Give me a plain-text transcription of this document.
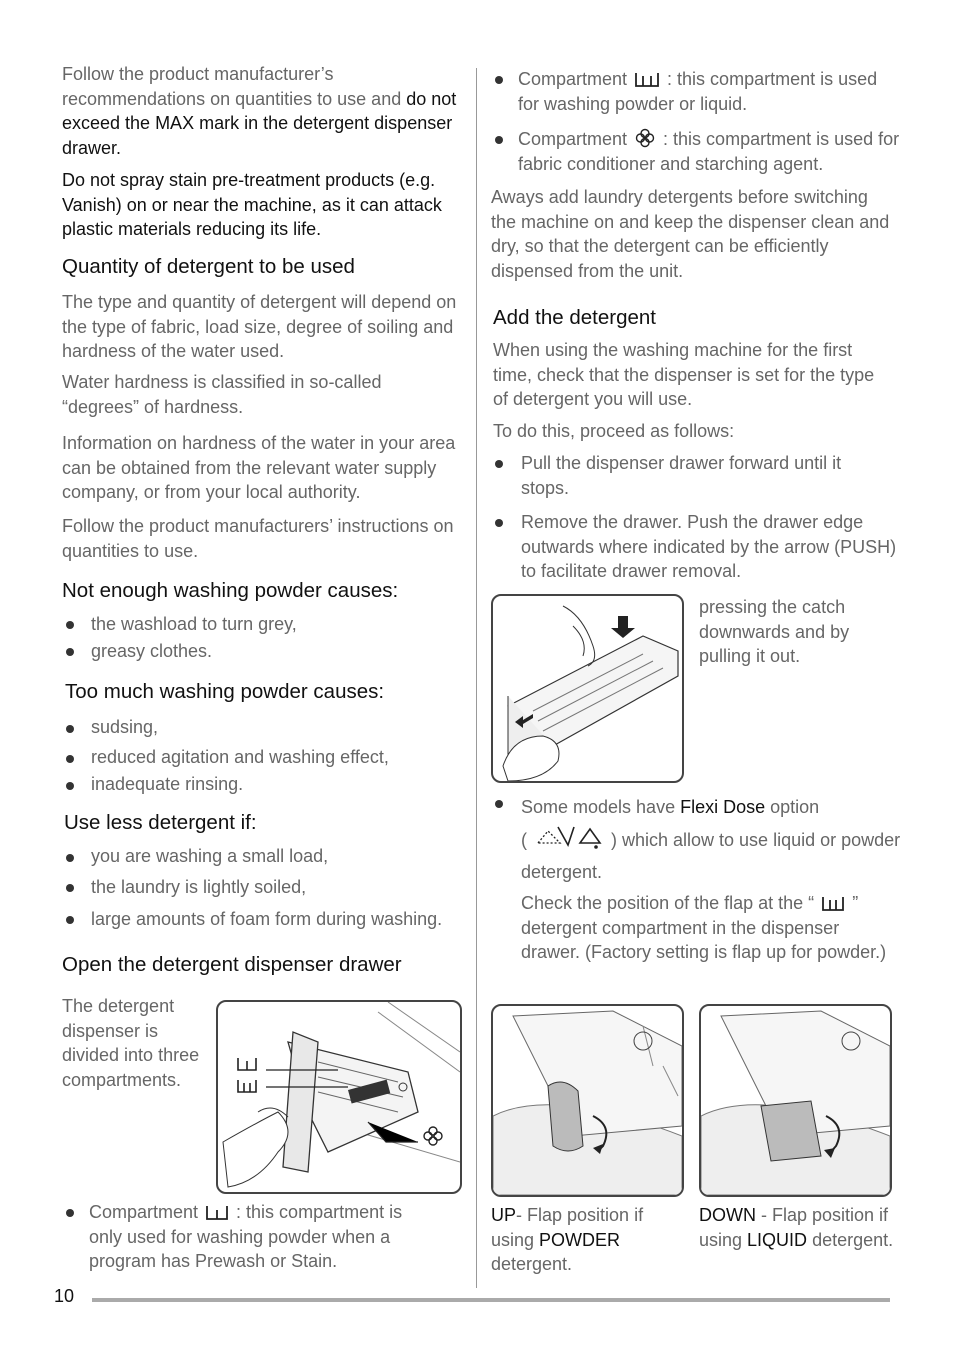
Follow the product manufacturer’s recommendations on quantities to use and do not exceed the MAX mark in the detergent dispenser drawer.

Do not spray stain pre-treatment products (e.g. Vanish) on or near the machine, as it can attack plastic materials reducing its life.

Quantity of detergent to be used

The type and quantity of detergent will depend on the type of fabric, load size, degree of soiling and hardness of the water used.

Water hardness is classified in so-called “degrees” of hardness.

Information on hardness of the water in your area can be obtained from the relevant water supply company, or from your local authority.

Follow the product manufacturers’ instructions on quantities to use.

Not enough washing powder causes:
the washload to turn grey,
greasy clothes.
Too much washing powder causes:
sudsing,
reduced agitation and washing effect,
inadequate rinsing.
Use less detergent if:
you are washing a small load,
the laundry is lightly soiled,
large amounts of foam form during washing.
Open the detergent dispenser drawer

The detergent dispenser is divided into three compartments.

Compartment  : this compartment is only used for washing powder when a program has Prewash or Stain.

Compartment  : this compartment is used for washing powder or liquid.

Compartment  : this compartment is used for fabric conditioner and starching agent.

Aways add laundry detergents before switching the machine on and keep the dispenser clean and dry, so that the detergent can be efficiently dispensed from the unit.

Add the detergent

When using the washing machine for the first time, check that the dispenser is set for the type of detergent you will use.

To do this, proceed as follows:

Pull the dispenser drawer forward until it stops.

Remove the drawer. Push the drawer edge outwards where indicated by the arrow (PUSH) to facilitate drawer removal.

pressing the catch downwards and by pulling it out.

Some models have Flexi Dose option
(	) which allow to use liquid or powder detergent.

Check the position of the flap at the “  ” detergent compartment in the dispenser drawer. (Factory setting is flap up for powder.)

UP- Flap position if using POWDER detergent.

DOWN - Flap position if using LIQUID detergent.

10
